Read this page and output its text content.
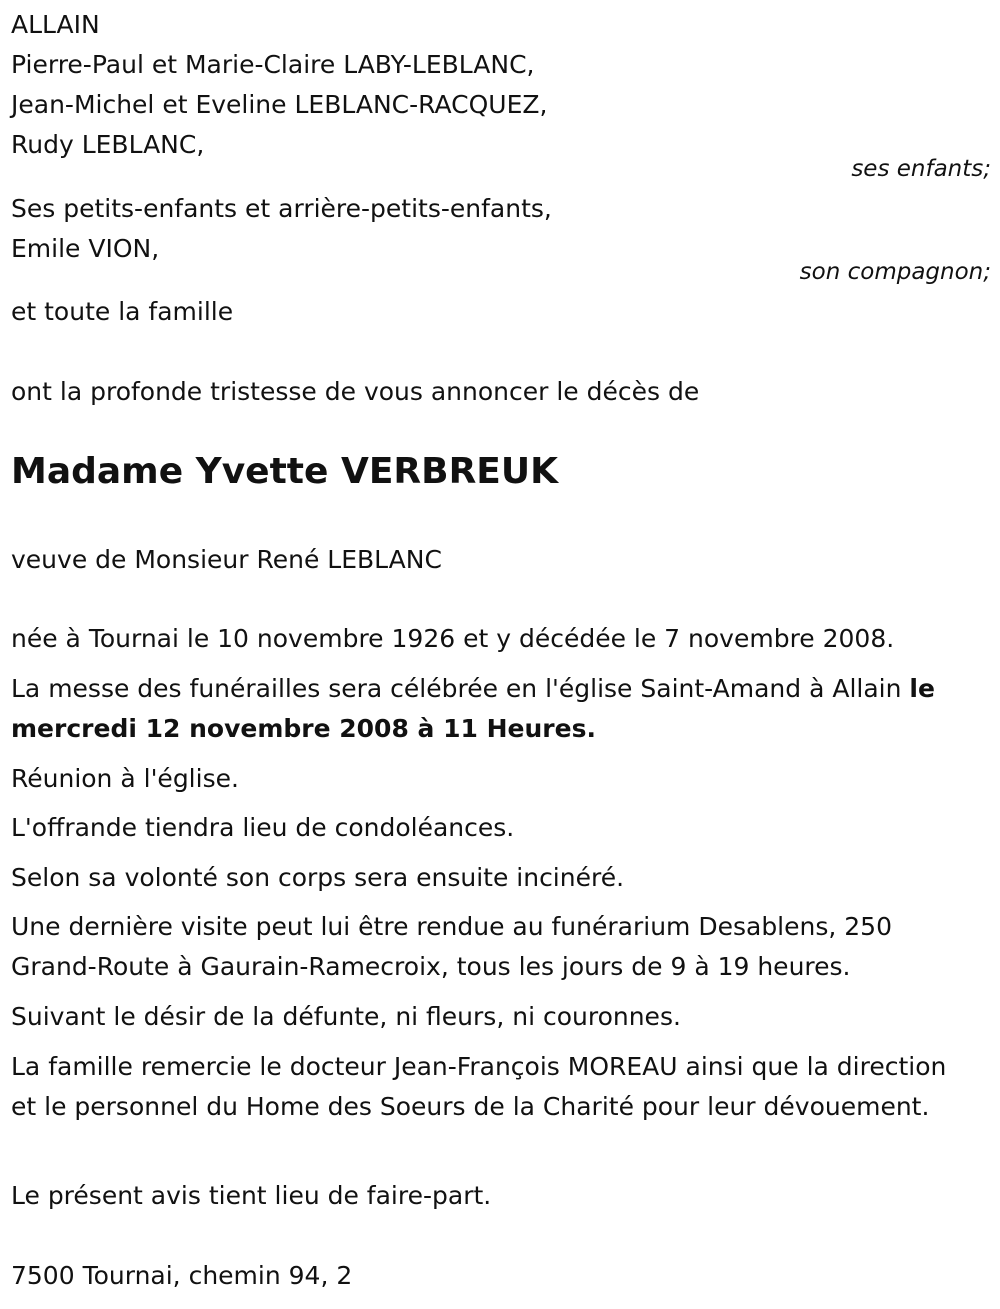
ALLAIN

Pierre-Paul et Marie-Claire LABY-LEBLANC,

Jean-Michel et Eveline LEBLANC-RACQUEZ,

Rudy LEBLANC,

ses enfants;

Ses petits-enfants et arrière-petits-enfants,

Emile VION,

son compagnon;

et toute la famille

ont la profonde tristesse de vous annoncer le décès de

Madame Yvette VERBREUK

veuve de Monsieur René LEBLANC

née à Tournai le 10 novembre 1926 et y décédée le 7 novembre 2008.

La messe des funérailles sera célébrée en l'église Saint-Amand à Allain le mercredi 12 novembre 2008 à 11 Heures.

Réunion à l'église.

L'offrande tiendra lieu de condoléances.

Selon sa volonté son corps sera ensuite incinéré.

Une dernière visite peut lui être rendue au funérarium Desablens, 250 Grand-Route à Gaurain-Ramecroix, tous les jours de 9 à 19 heures.

Suivant le désir de la défunte, ni fleurs, ni couronnes.

La famille remercie le docteur Jean-François MOREAU ainsi que la direction et le personnel du Home des Soeurs de la Charité pour leur dévouement.

Le présent avis tient lieu de faire-part.

7500 Tournai, chemin 94, 2
